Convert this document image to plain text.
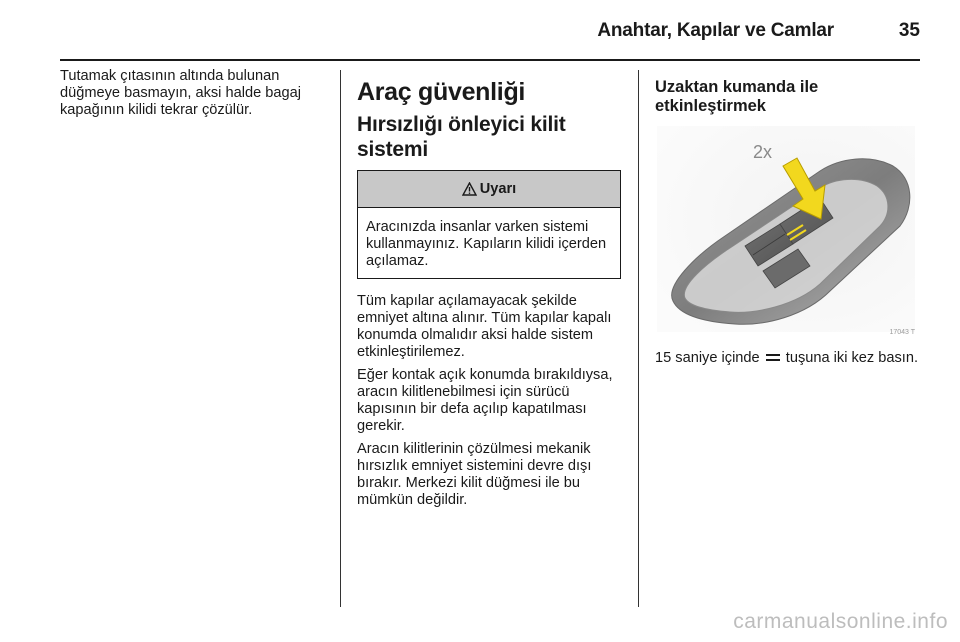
Anahtar, Kapılar ve Camlar	35

Tutamak çıtasının altında bulunan düğmeye basmayın, aksi halde bagaj kapağının kilidi tekrar çözülür.

Araç güvenliği
Hırsızlığı önleyici kilit sistemi
Uyarı
Aracınızda insanlar varken sistemi kullanmayınız. Kapıların kilidi içerden açılamaz.

Tüm kapılar açılamayacak şekilde emniyet altına alınır. Tüm kapılar kapalı konumda olmalıdır aksi halde sistem etkinleştirilemez.

Eğer kontak açık konumda bırakıldıysa, aracın kilitlenebilmesi için sürücü kapısının bir defa açılıp kapatılması gerekir.

Aracın kilitlerinin çözülmesi mekanik hırsızlık emniyet sistemini devre dışı bırakır. Merkezi kilit düğmesi ile bu mümkün değildir.

Uzaktan kumanda ile etkinleştirmek
2x
17043 T

15 saniye içinde tuşuna iki kez basın.

carmanualsonline.info
